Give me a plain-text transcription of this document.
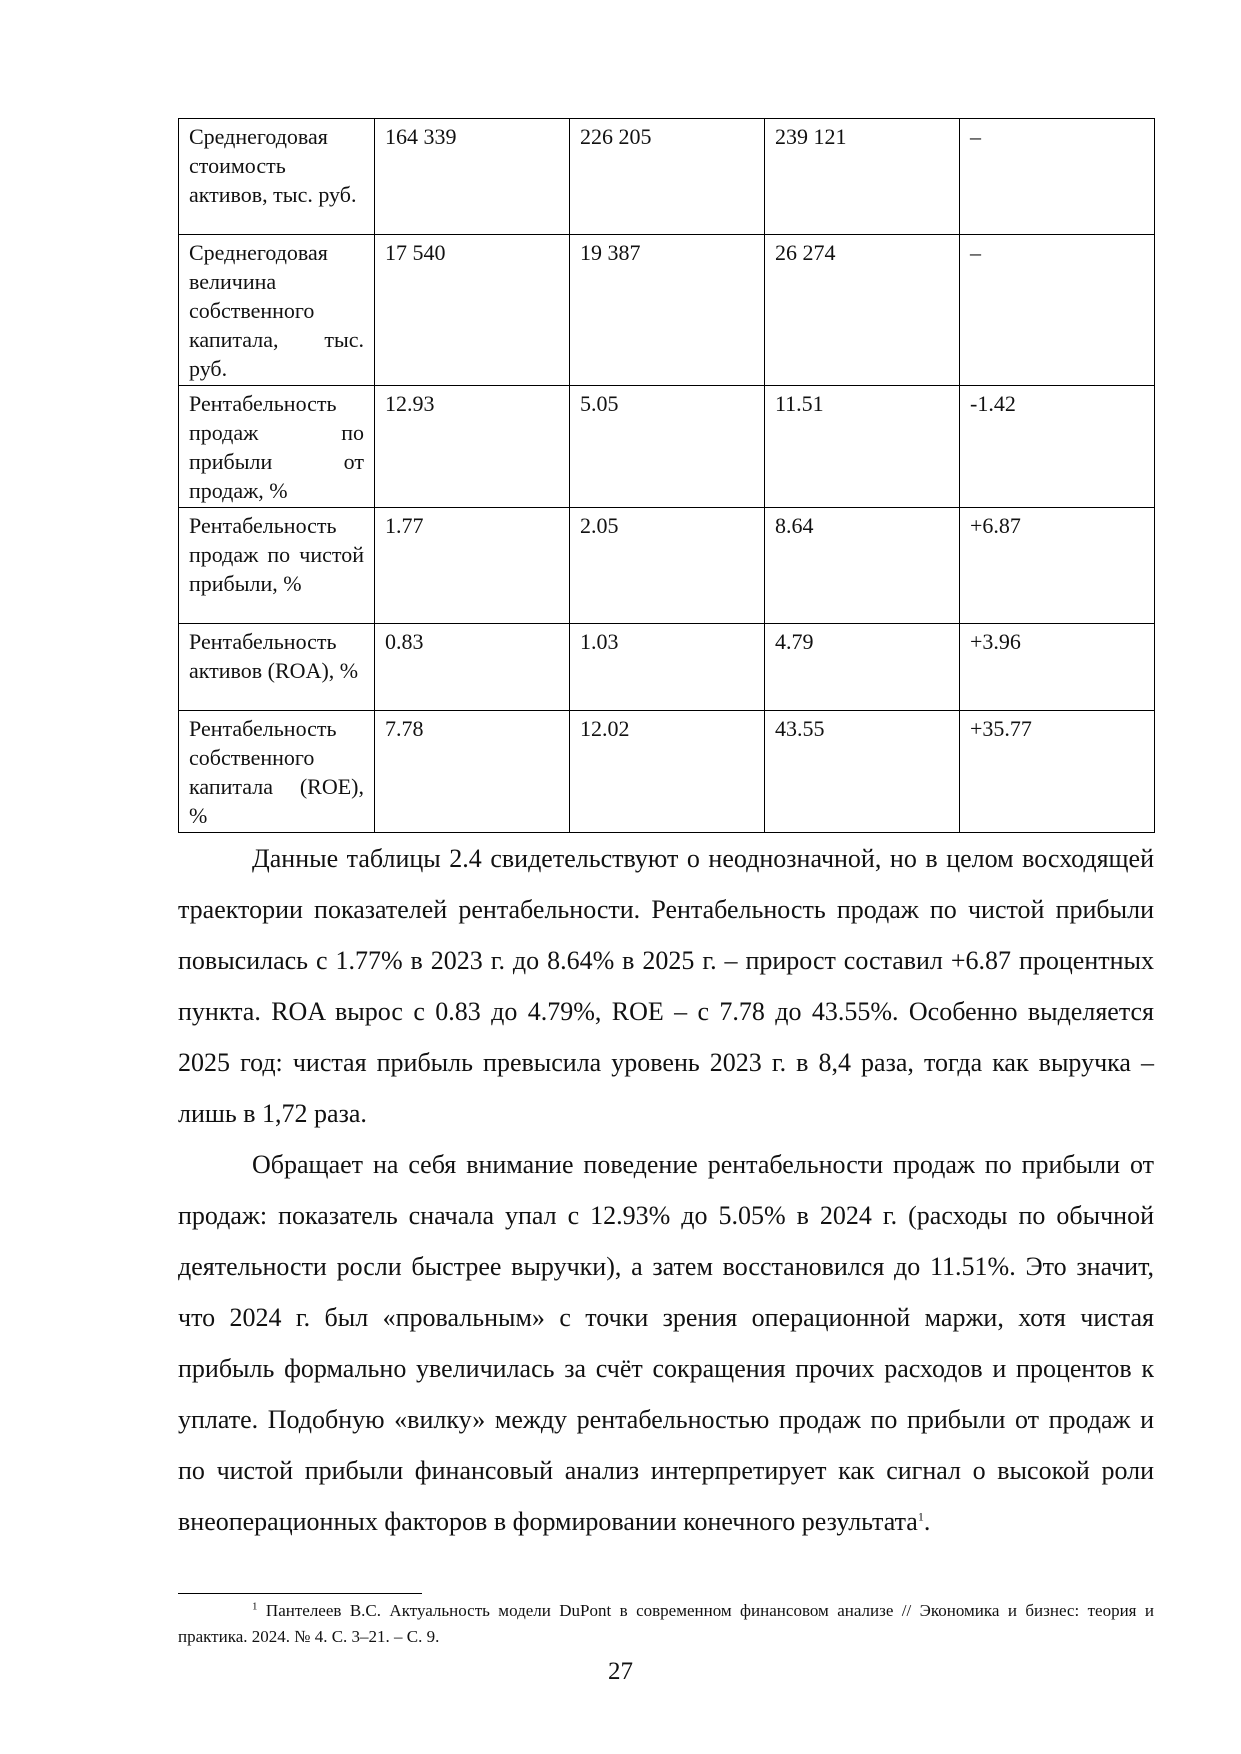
Среднегодовая стоимость активов, тыс. руб.	164 339	226 205	239 121	–

Среднегодовая величина собственного капитала, тыс. руб.	17 540	19 387	26 274	–

Рентабельность продаж по прибыли от продаж, %	12.93	5.05	11.51	-1.42

Рентабельность продаж по чистой прибыли, %	1.77	2.05	8.64	+6.87

Рентабельность активов (ROA), %	0.83	1.03	4.79	+3.96

Рентабельность собственного капитала (ROE), %	7.78	12.02	43.55	+35.77

Данные таблицы 2.4 свидетельствуют о неоднозначной, но в целом восходящей траектории показателей рентабельности. Рентабельность продаж по чистой прибыли повысилась с 1.77% в 2023 г. до 8.64% в 2025 г. – прирост составил +6.87 процентных пункта. ROA вырос с 0.83 до 4.79%, ROE – с 7.78 до 43.55%. Особенно выделяется 2025 год: чистая прибыль превысила уровень 2023 г. в 8,4 раза, тогда как выручка – лишь в 1,72 раза.

Обращает на себя внимание поведение рентабельности продаж по прибыли от продаж: показатель сначала упал с 12.93% до 5.05% в 2024 г. (расходы по обычной деятельности росли быстрее выручки), а затем восстановился до 11.51%. Это значит, что 2024 г. был «провальным» с точки зрения операционной маржи, хотя чистая прибыль формально увеличилась за счёт сокращения прочих расходов и процентов к уплате. Подобную «вилку» между рентабельностью продаж по прибыли от продаж и по чистой прибыли финансовый анализ интерпретирует как сигнал о высокой роли внеоперационных факторов в формировании конечного результата$^1$.

$^1$ Пантелеев В.С. Актуальность модели DuPont в современном финансовом анализе // Экономика и бизнес: теория и практика. 2024. № 4. С. 3–21. – С. 9.
27
